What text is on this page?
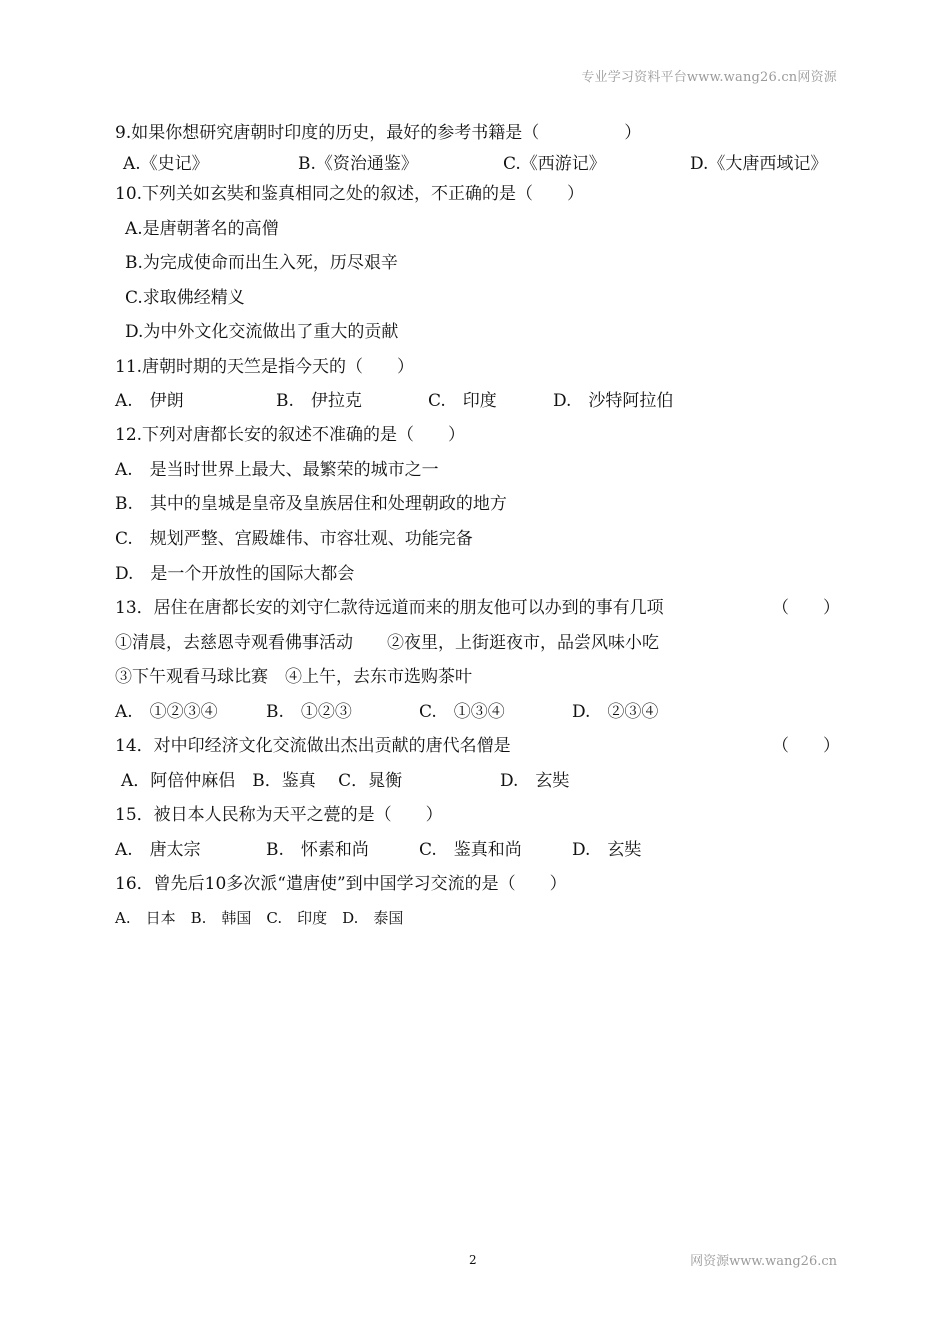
专业学习资料平台www.wang26.cn网资源
9.如果你想研究唐朝时印度的历史，最好的参考书籍是（　　　　　）
A.《史记》	B.《资治通鉴》	C.《西游记》	D.《大唐西域记》
10.下列关如玄奘和鉴真相同之处的叙述，不正确的是（　　）
A.是唐朝著名的高僧
B.为完成使命而出生入死，历尽艰辛
C.求取佛经精义
D.为中外文化交流做出了重大的贡献
11.唐朝时期的天竺是指今天的（　　）
A.　伊朗	B.　伊拉克	C.　印度	D.　沙特阿拉伯
12.下列对唐都长安的叙述不准确的是（　　）
A.　是当时世界上最大、最繁荣的城市之一
B.　其中的皇城是皇帝及皇族居住和处理朝政的地方
C.　规划严整、宫殿雄伟、市容壮观、功能完备
D.　是一个开放性的国际大都会
13．居住在唐都长安的刘守仁款待远道而来的朋友他可以办到的事有几项	（　　）
①清晨，去慈恩寺观看佛事活动　　②夜里，上街逛夜市，品尝风味小吃
③下午观看马球比赛　④上午，去东市选购茶叶
A.　①②③④	B.　①②③	C.　①③④	D.　②③④
14．对中印经济文化交流做出杰出贡献的唐代名僧是	（　　）
A．阿倍仲麻侣　B．鉴真　 C．晁衡	D.　玄奘
15．被日本人民称为天平之甍的是（　　）
A.　唐太宗	B.　怀素和尚	C.　鉴真和尚	D.　玄奘
16．曾先后10多次派“遣唐使”到中国学习交流的是（　　）
A.　日本　B.　韩国　C.　印度　D.　泰国
2	网资源www.wang26.cn
